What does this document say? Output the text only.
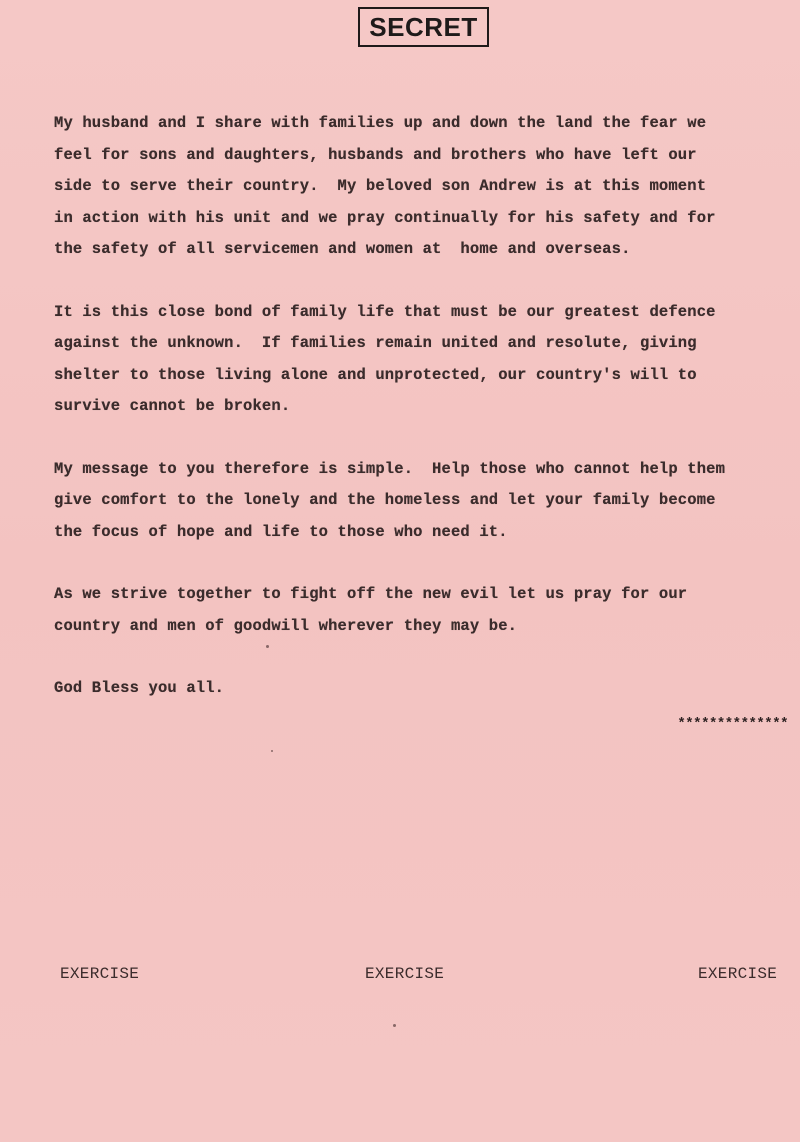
SECRET

My husband and I share with families up and down the land the fear we
feel for sons and daughters, husbands and brothers who have left our
side to serve their country.  My beloved son Andrew is at this moment
in action with his unit and we pray continually for his safety and for
the safety of all servicemen and women at  home and overseas.

It is this close bond of family life that must be our greatest defence
against the unknown.  If families remain united and resolute, giving
shelter to those living alone and unprotected, our country's will to
survive cannot be broken.

My message to you therefore is simple.  Help those who cannot help them
give comfort to the lonely and the homeless and let your family become
the focus of hope and life to those who need it.

As we strive together to fight off the new evil let us pray for our
country and men of goodwill wherever they may be.

God Bless you all.

**************
EXERCISE	EXERCISE	EXERCISE
